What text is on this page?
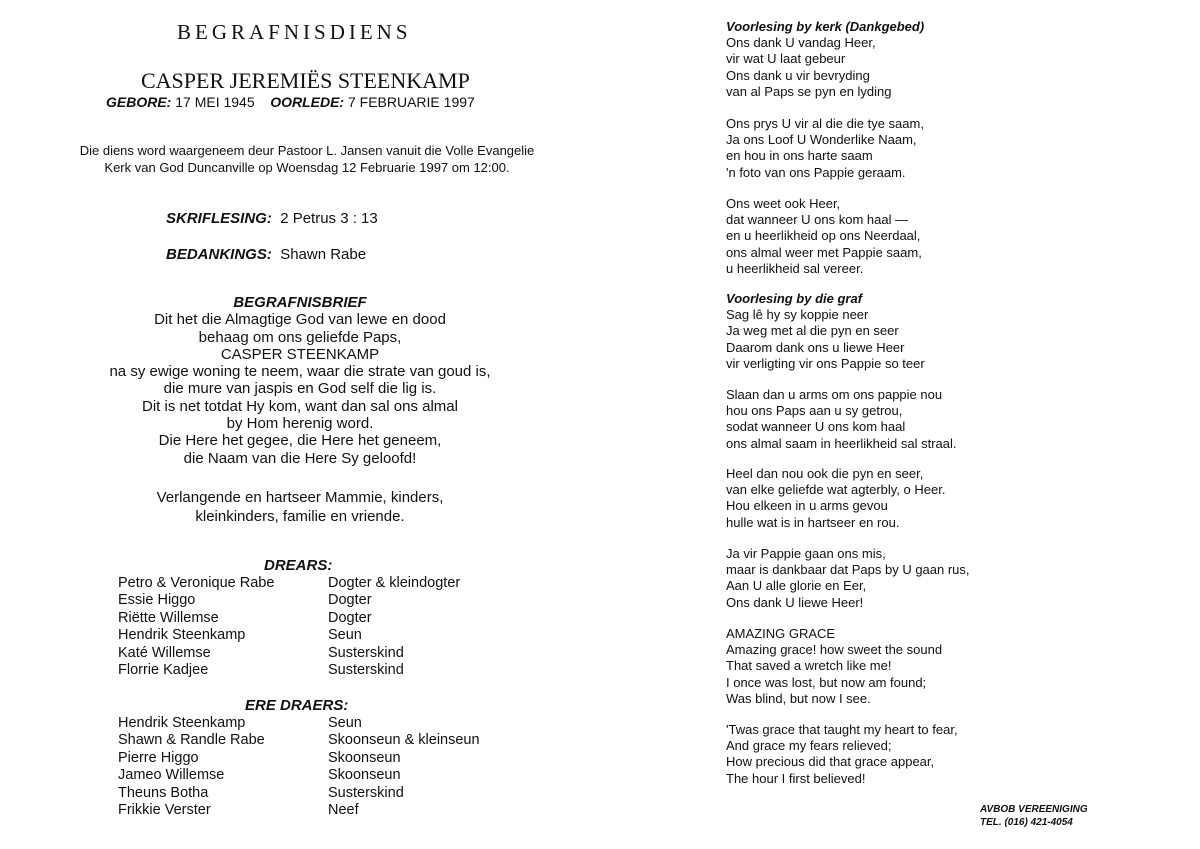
BEGRAFNISDIENS
CASPER JEREMIËS STEENKAMP
GEBORE: 17 MEI 1945 OORLEDE: 7 FEBRUARIE 1997
Die diens word waargeneem deur Pastoor L. Jansen vanuit die Volle Evangelie
Kerk van God Duncanville op Woensdag 12 Februarie 1997 om 12:00.
SKRIFLESING: 2 Petrus 3 : 13
BEDANKINGS: Shawn Rabe
BEGRAFNISBRIEF
Dit het die Almagtige God van lewe en dood
behaag om ons geliefde Paps,
CASPER STEENKAMP
na sy ewige woning te neem, waar die strate van goud is,
die mure van jaspis en God self die lig is.
Dit is net totdat Hy kom, want dan sal ons almal
by Hom herenig word.
Die Here het gegee, die Here het geneem,
die Naam van die Here Sy geloofd!
Verlangende en hartseer Mammie, kinders,
kleinkinders, familie en vriende.
DREARS:
Petro & Veronique Rabe	Dogter & kleindogter
Essie Higgo	Dogter
Riëtte Willemse	Dogter
Hendrik Steenkamp	Seun
Katé Willemse	Susterskind
Florrie Kadjee	Susterskind
ERE DRAERS:
Hendrik Steenkamp	Seun
Shawn & Randle Rabe	Skoonseun & kleinseun
Pierre Higgo	Skoonseun
Jameo Willemse	Skoonseun
Theuns Botha	Susterskind
Frikkie Verster	Neef
Voorlesing by kerk (Dankgebed)
Ons dank U vandag Heer,
vir wat U laat gebeur
Ons dank u vir bevryding
van al Paps se pyn en lyding
Ons prys U vir al die die tye saam,
Ja ons Loof U Wonderlike Naam,
en hou in ons harte saam
'n foto van ons Pappie geraam.
Ons weet ook Heer,
dat wanneer U ons kom haal —
en u heerlikheid op ons Neerdaal,
ons almal weer met Pappie saam,
u heerlikheid sal vereer.
Voorlesing by die graf
Sag lê hy sy koppie neer
Ja weg met al die pyn en seer
Daarom dank ons u liewe Heer
vir verligting vir ons Pappie so teer
Slaan dan u arms om ons pappie nou
hou ons Paps aan u sy getrou,
sodat wanneer U ons kom haal
ons almal saam in heerlikheid sal straal.
Heel dan nou ook die pyn en seer,
van elke geliefde wat agterbly, o Heer.
Hou elkeen in u arms gevou
hulle wat is in hartseer en rou.
Ja vir Pappie gaan ons mis,
maar is dankbaar dat Paps by U gaan rus,
Aan U alle glorie en Eer,
Ons dank U liewe Heer!
AMAZING GRACE
Amazing grace! how sweet the sound
That saved a wretch like me!
I once was lost, but now am found;
Was blind, but now I see.
'Twas grace that taught my heart to fear,
And grace my fears relieved;
How precious did that grace appear,
The hour I first believed!
AVBOB VEREENIGING
TEL. (016) 421-4054
